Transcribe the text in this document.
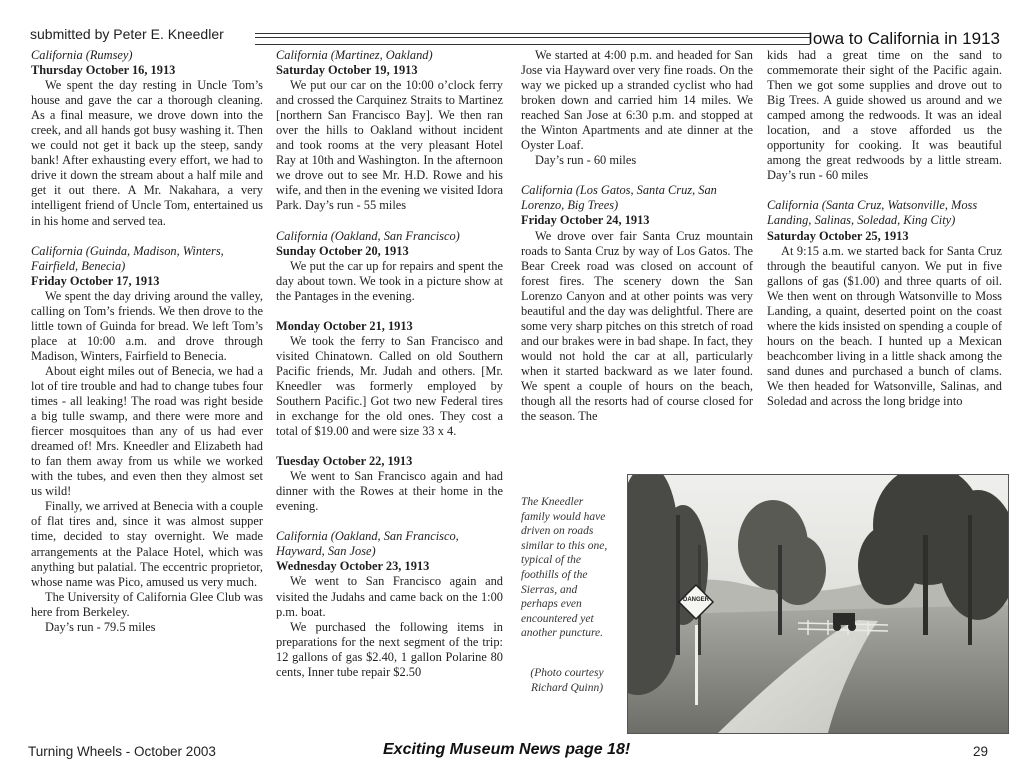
submitted by Peter E. Kneedler	Iowa to California in 1913
California (Rumsey)
Thursday October 16, 1913

We spent the day resting in Uncle Tom’s house and gave the car a thorough cleaning. As a final measure, we drove down into the creek, and all hands got busy washing it. Then we could not get it back up the steep, sandy bank! After exhausting every effort, we had to drive it down the stream about a half mile and get it out there. A Mr. Nakahara, a very intelligent friend of Uncle Tom, entertained us in his home and served tea.

California (Guinda, Madison, Winters, Fairfield, Benecia)
Friday October 17, 1913

We spent the day driving around the valley, calling on Tom’s friends. We then drove to the little town of Guinda for bread. We left Tom’s place at 10:00 a.m. and drove through Madison, Winters, Fairfield to Benecia.

About eight miles out of Benecia, we had a lot of tire trouble and had to change tubes four times - all leaking! The road was right beside a big tulle swamp, and there were more and fiercer mosquitoes than any of us had ever dreamed of! Mrs. Kneedler and Elizabeth had to fan them away from us while we worked with the tubes, and even then they almost set us wild!

Finally, we arrived at Benecia with a couple of flat tires and, since it was almost supper time, decided to stay overnight. We made arrangements at the Palace Hotel, which was anything but palatial. The eccentric proprietor, whose name was Pico, amused us very much.

The University of California Glee Club was here from Berkeley.

Day’s run - 79.5 miles

California (Martinez, Oakland)
Saturday October 19, 1913

We put our car on the 10:00 o’clock ferry and crossed the Carquinez Straits to Martinez [northern San Francisco Bay]. We then ran over the hills to Oakland without incident and took rooms at the very pleasant Hotel Ray at 10th and Washington. In the afternoon we drove out to see Mr. H.D. Rowe and his wife, and then in the evening we visited Idora Park. Day’s run - 55 miles

California (Oakland, San Francisco)
Sunday October 20, 1913

We put the car up for repairs and spent the day about town. We took in a picture show at the Pantages in the evening.

Monday October 21, 1913

We took the ferry to San Francisco and visited Chinatown. Called on old Southern Pacific friends, Mr. Judah and others. [Mr. Kneedler was formerly employed by Southern Pacific.] Got two new Federal tires in exchange for the old ones. They cost a total of $19.00 and were size 33 x 4.

Tuesday October 22, 1913

We went to San Francisco again and had dinner with the Rowes at their home in the evening.

California (Oakland, San Francisco, Hayward, San Jose)
Wednesday October 23, 1913

We went to San Francisco again and visited the Judahs and came back on the 1:00 p.m. boat.

We purchased the following items in preparations for the next segment of the trip: 12 gallons of gas $2.40, 1 gallon Polarine 80 cents, Inner tube repair $2.50

We started at 4:00 p.m. and headed for San Jose via Hayward over very fine roads. On the way we picked up a stranded cyclist who had broken down and carried him 14 miles. We reached San Jose at 6:30 p.m. and stopped at the Winton Apartments and ate dinner at the Oyster Loaf.

Day’s run - 60 miles

California (Los Gatos, Santa Cruz, San Lorenzo, Big Trees)
Friday October 24, 1913

We drove over fair Santa Cruz mountain roads to Santa Cruz by way of Los Gatos. The Bear Creek road was closed on account of forest fires. The scenery down the San Lorenzo Canyon and at other points was very beautiful and the day was delightful. There are some very sharp pitches on this stretch of road and our brakes were in bad shape. In fact, they would not hold the car at all, particularly when it started backward as we later found. We spent a couple of hours on the beach, though all the resorts had of course closed for the season. The

kids had a great time on the sand to commemorate their sight of the Pacific again. Then we got some supplies and drove out to Big Trees. A guide showed us around and we camped among the redwoods. It was an ideal location, and a stove afforded us the opportunity for cooking. It was beautiful among the great redwoods by a little stream. Day’s run - 60 miles

California (Santa Cruz, Watsonville, Moss Landing, Salinas, Soledad, King City)
Saturday October 25, 1913

At 9:15 a.m. we started back for Santa Cruz through the beautiful canyon. We put in five gallons of gas ($1.00) and three quarts of oil. We then went on through Watsonville to Moss Landing, a quaint, deserted point on the coast where the kids insisted on spending a couple of hours on the beach. I hunted up a Mexican beachcomber living in a little shack among the sand dunes and purchased a bunch of clams. We then headed for Watsonville, Salinas, and Soledad and across the long bridge into

The Kneedler family would have driven on roads similar to this one, typical of the foothills of the Sierras, and perhaps even encountered yet another puncture.
(Photo courtesy Richard Quinn)
DANGER
Turning Wheels - October 2003	Exciting Museum News page 18!	29
